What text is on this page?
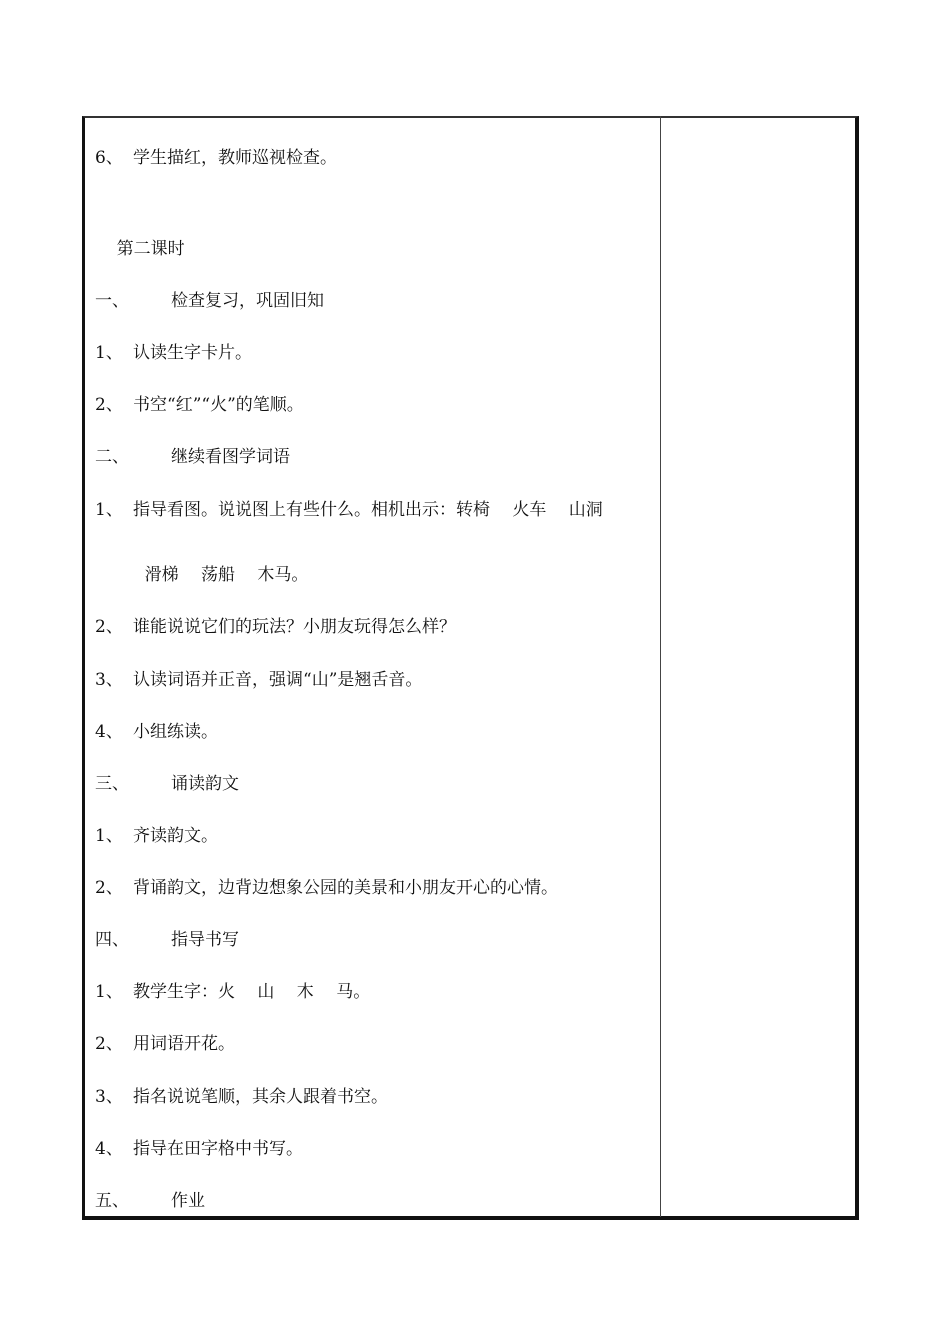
6、 学生描红，教师巡视检查。

第二课时

一、 检查复习，巩固旧知

1、 认读生字卡片。

2、 书空“红”“火”的笔顺。

二、 继续看图学词语

1、 指导看图。说说图上有些什么。相机出示：转椅　 火车　 山洞

滑梯　 荡船　 木马。

2、 谁能说说它们的玩法？小朋友玩得怎么样？

3、 认读词语并正音，强调“山”是翘舌音。

4、 小组练读。

三、 诵读韵文

1、 齐读韵文。

2、 背诵韵文，边背边想象公园的美景和小朋友开心的心情。

四、 指导书写

1、 教学生字：火　 山　 木　 马。

2、 用词语开花。

3、 指名说说笔顺，其余人跟着书空。

4、 指导在田字格中书写。

五、 作业
